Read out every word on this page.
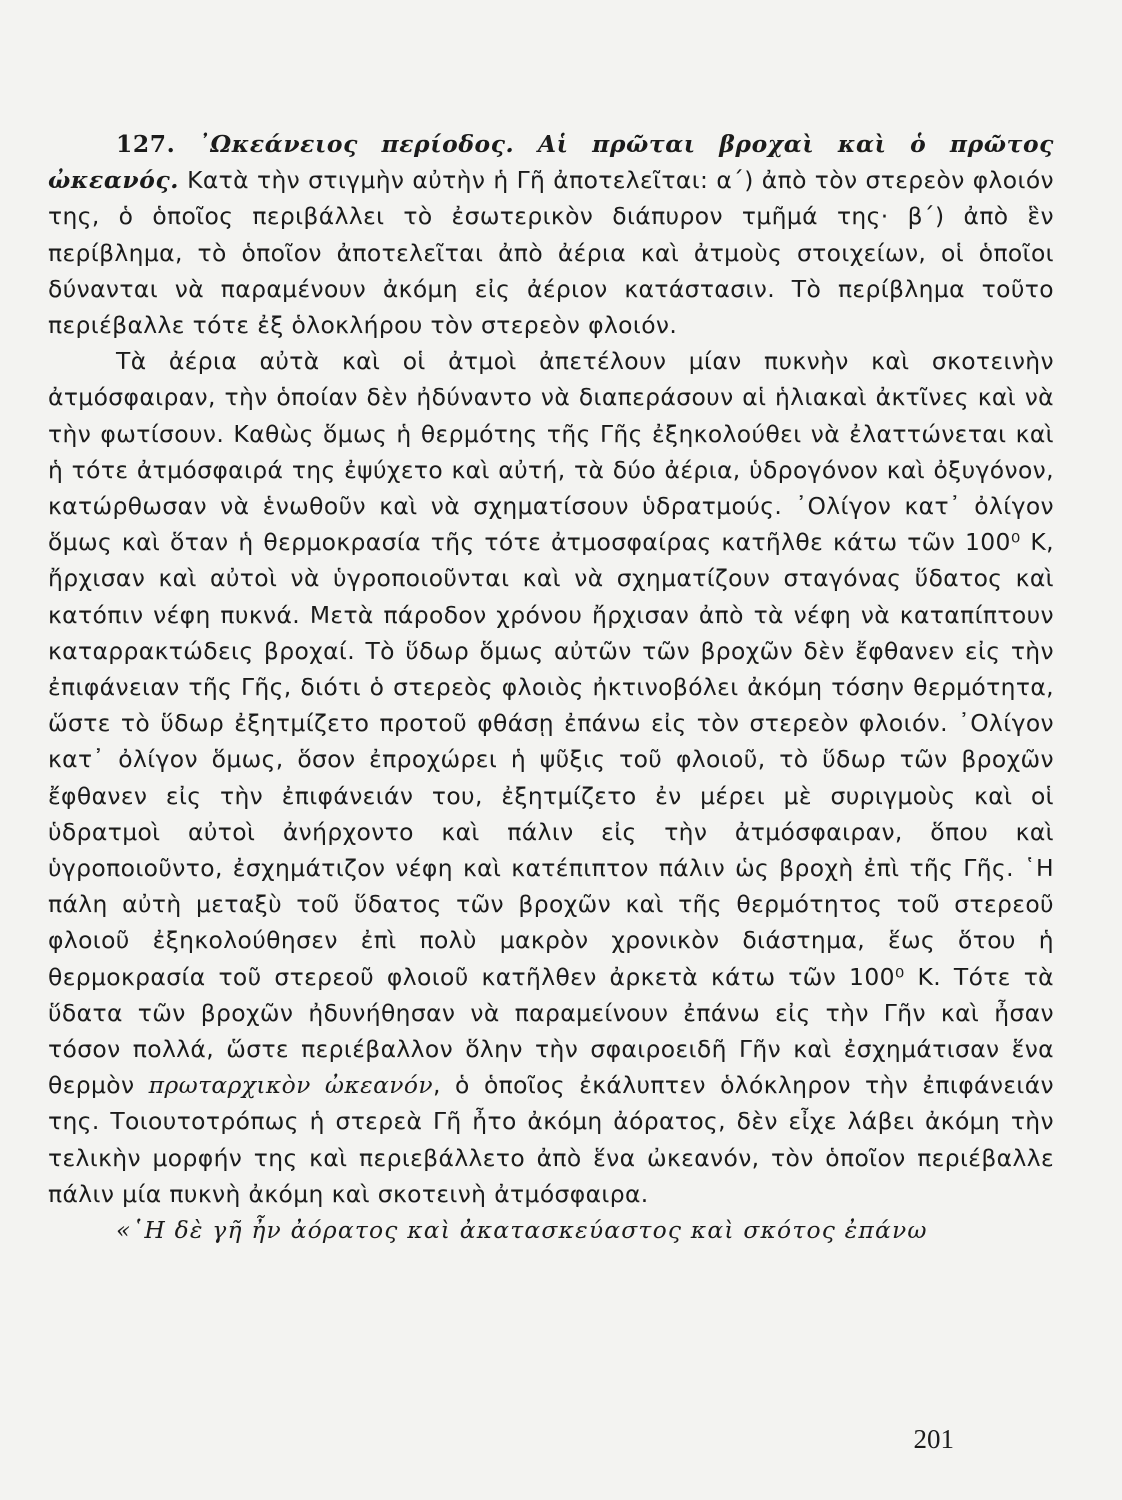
127. ᾿Ωκεάνειος περίοδος. Αἱ πρῶται βροχαὶ καὶ ὁ πρῶτος ὠκεανός. Κατὰ τὴν στιγμὴν αὐτὴν ἡ Γῆ ἀποτελεῖται: α΄) ἀπὸ τὸν στερεὸν φλοιόν της, ὁ ὁποῖος περιβάλλει τὸ ἐσωτερικὸν διάπυρον τμῆμά της· β΄) ἀπὸ ἓν περίβλημα, τὸ ὁποῖον ἀποτελεῖται ἀπὸ ἀέρια καὶ ἀτμοὺς στοιχείων, οἱ ὁποῖοι δύνανται νὰ παραμένουν ἀκόμη εἰς ἀέριον κατάστασιν. Τὸ περίβλημα τοῦτο περιέβαλλε τότε ἐξ ὁλοκλήρου τὸν στερεὸν φλοιόν.

Τὰ ἀέρια αὐτὰ καὶ οἱ ἀτμοὶ ἀπετέλουν μίαν πυκνὴν καὶ σκοτεινὴν ἀτμόσφαιραν, τὴν ὁποίαν δὲν ἠδύναντο νὰ διαπεράσουν αἱ ἡλιακαὶ ἀκτῖνες καὶ νὰ τὴν φωτίσουν. Καθὼς ὅμως ἡ θερμότης τῆς Γῆς ἐξηκολούθει νὰ ἐλαττώνεται καὶ ἡ τότε ἀτμόσφαιρά της ἐψύχετο καὶ αὐτή, τὰ δύο ἀέρια, ὑδρογόνον καὶ ὀξυγόνον, κατώρθωσαν νὰ ἑνωθοῦν καὶ νὰ σχηματίσουν ὑδρατμούς. ᾿Ολίγον κατ᾿ ὀλίγον ὅμως καὶ ὅταν ἡ θερμοκρασία τῆς τότε ἀτμοσφαίρας κατῆλθε κάτω τῶν 100⁰ Κ, ἤρχισαν καὶ αὐτοὶ νὰ ὑγροποιοῦνται καὶ νὰ σχηματίζουν σταγόνας ὕδατος καὶ κατόπιν νέφη πυκνά. Μετὰ πάροδον χρόνου ἤρχισαν ἀπὸ τὰ νέφη νὰ καταπίπτουν καταρρακτώδεις βροχαί. Τὸ ὕδωρ ὅμως αὐτῶν τῶν βροχῶν δὲν ἔφθανεν εἰς τὴν ἐπιφάνειαν τῆς Γῆς, διότι ὁ στερεὸς φλοιὸς ἠκτινοβόλει ἀκόμη τόσην θερμότητα, ὥστε τὸ ὕδωρ ἐξητμίζετο προτοῦ φθάσῃ ἐπάνω εἰς τὸν στερεὸν φλοιόν. ᾿Ολίγον κατ᾿ ὀλίγον ὅμως, ὅσον ἐπροχώρει ἡ ψῦξις τοῦ φλοιοῦ, τὸ ὕδωρ τῶν βροχῶν ἔφθανεν εἰς τὴν ἐπιφάνειάν του, ἐξητμίζετο ἐν μέρει μὲ συριγμοὺς καὶ οἱ ὑδρατμοὶ αὐτοὶ ἀνήρχοντο καὶ πάλιν εἰς τὴν ἀτμόσφαιραν, ὅπου καὶ ὑγροποιοῦντο, ἐσχημάτιζον νέφη καὶ κατέπιπτον πάλιν ὡς βροχὴ ἐπὶ τῆς Γῆς. ῾Η πάλη αὐτὴ μεταξὺ τοῦ ὕδατος τῶν βροχῶν καὶ τῆς θερμότητος τοῦ στερεοῦ φλοιοῦ ἐξηκολούθησεν ἐπὶ πολὺ μακρὸν χρονικὸν διάστημα, ἕως ὅτου ἡ θερμοκρασία τοῦ στερεοῦ φλοιοῦ κατῆλθεν ἀρκετὰ κάτω τῶν 100⁰ Κ. Τότε τὰ ὕδατα τῶν βροχῶν ἠδυνήθησαν νὰ παραμείνουν ἐπάνω εἰς τὴν Γῆν καὶ ἦσαν τόσον πολλά, ὥστε περιέβαλλον ὅλην τὴν σφαιροειδῆ Γῆν καὶ ἐσχημάτισαν ἕνα θερμὸν πρωταρχικὸν ὠκεανόν, ὁ ὁποῖος ἐκάλυπτεν ὁλόκληρον τὴν ἐπιφάνειάν της. Τοιουτοτρόπως ἡ στερεὰ Γῆ ἦτο ἀκόμη ἀόρατος, δὲν εἶχε λάβει ἀκόμη τὴν τελικὴν μορφήν της καὶ περιεβάλλετο ἀπὸ ἕνα ὠκεανόν, τὸν ὁποῖον περιέβαλλε πάλιν μία πυκνὴ ἀκόμη καὶ σκοτεινὴ ἀτμόσφαιρα.

«῾Η δὲ γῆ ἦν ἀόρατος καὶ ἀκατασκεύαστος καὶ σκότος ἐπάνω

201
